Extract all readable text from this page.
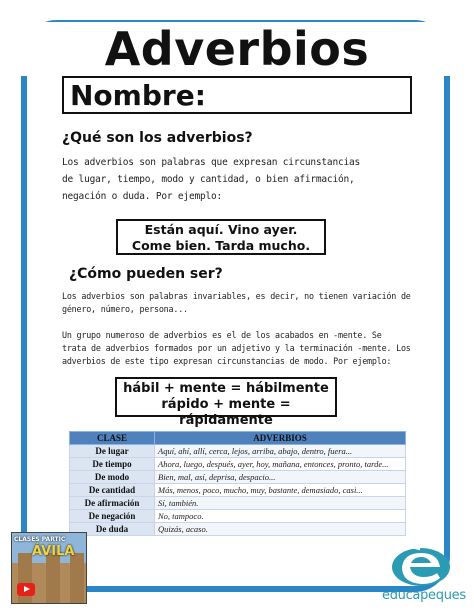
Adverbios
Nombre:
¿Qué son los adverbios?
Los adverbios son palabras que expresan circunstancias
de lugar, tiempo, modo y cantidad, o bien afirmación,
negación o duda. Por ejemplo:
Están aquí. Vino ayer.
Come bien. Tarda mucho.
¿Cómo pueden ser?
Los adverbios son palabras invariables, es decir, no tienen variación de
género, número, persona...
Un grupo numeroso de adverbios es el de los acabados en -mente. Se
trata de adverbios formados por un adjetivo y la terminación -mente. Los
adverbios de este tipo expresan circunstancias de modo. Por ejemplo:
hábil + mente = hábilmente
rápido + mente = rápidamente
CLASE	ADVERBIOS
De lugar	Aquí, ahí, allí, cerca, lejos, arriba, abajo, dentro, fuera...
De tiempo	Ahora, luego, después, ayer, hoy, mañana, entonces, pronto, tarde...
De modo	Bien, mal, así, deprisa, despacio...
De cantidad	Más, menos, poco, mucho, muy, bastante, demasiado, casi...
De afirmación	Sí, también.
De negación	No, tampoco.
De duda	Quizás, acaso.
CLASES PARTIC
ÁVILA
educapeques
